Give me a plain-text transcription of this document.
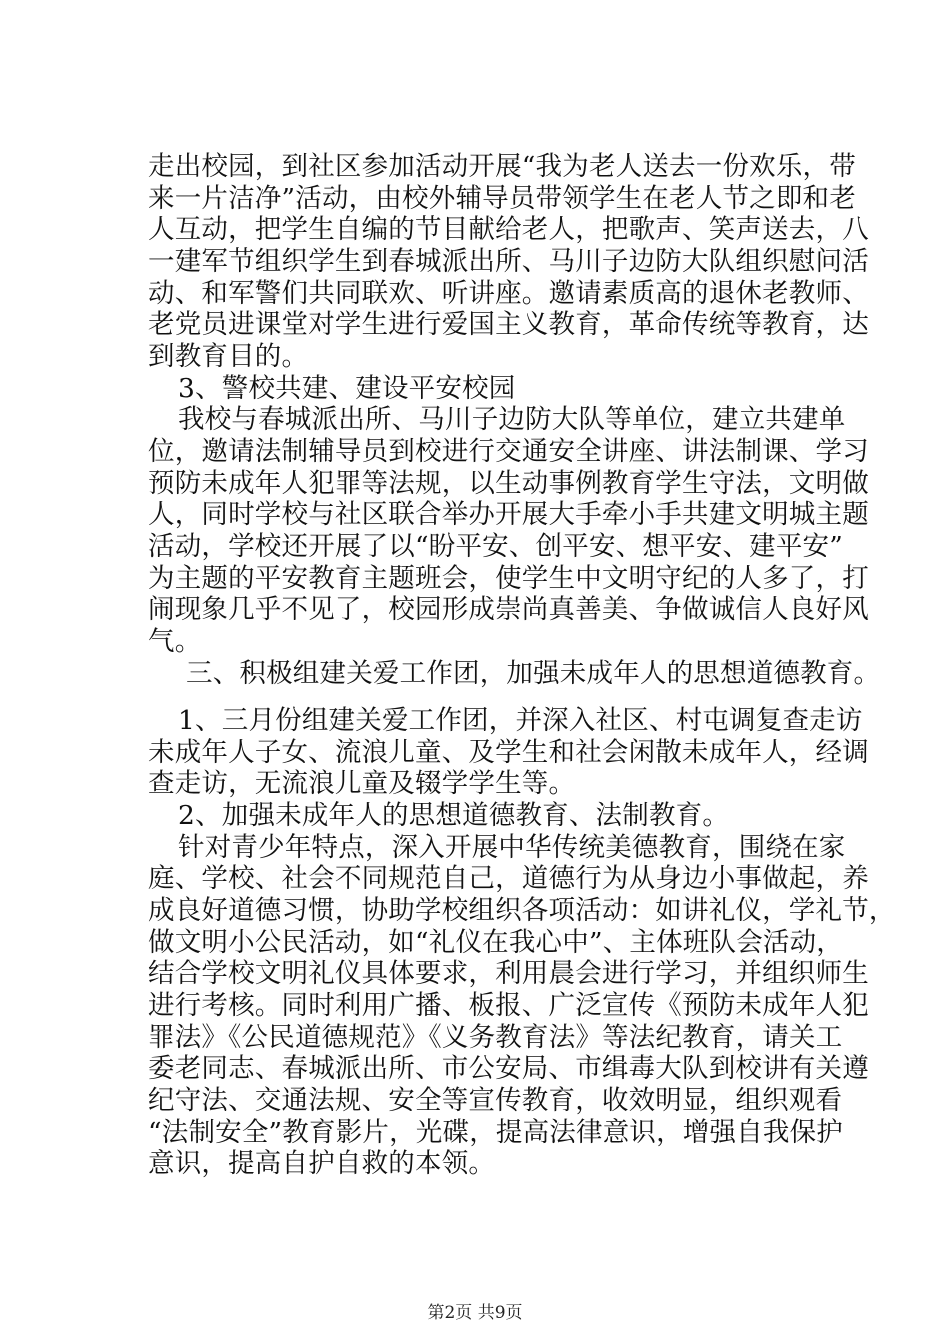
走出校园，到社区参加活动开展“我为老人送去一份欢乐，带
来一片洁净”活动，由校外辅导员带领学生在老人节之即和老
人互动，把学生自编的节目献给老人，把歌声、笑声送去，八
一建军节组织学生到春城派出所、马川子边防大队组织慰问活
动、和军警们共同联欢、听讲座。邀请素质高的退休老教师、
老党员进课堂对学生进行爱国主义教育，革命传统等教育，达
到教育目的。
3、警校共建、建设平安校园
我校与春城派出所、马川子边防大队等单位，建立共建单
位，邀请法制辅导员到校进行交通安全讲座、讲法制课、学习
预防未成年人犯罪等法规，以生动事例教育学生守法，文明做
人，同时学校与社区联合举办开展大手牵小手共建文明城主题
活动，学校还开展了以“盼平安、创平安、想平安、建平安”
为主题的平安教育主题班会，使学生中文明守纪的人多了，打
闹现象几乎不见了，校园形成崇尚真善美、争做诚信人良好风
气。
三、积极组建关爱工作团，加强未成年人的思想道德教育。
1、三月份组建关爱工作团，并深入社区、村屯调复查走访
未成年人子女、流浪儿童、及学生和社会闲散未成年人，经调
查走访，无流浪儿童及辍学学生等。
2、加强未成年人的思想道德教育、法制教育。
针对青少年特点，深入开展中华传统美德教育，围绕在家
庭、学校、社会不同规范自己，道德行为从身边小事做起，养
成良好道德习惯，协助学校组织各项活动：如讲礼仪，学礼节，
做文明小公民活动，如“礼仪在我心中”、主体班队会活动，
结合学校文明礼仪具体要求，利用晨会进行学习，并组织师生
进行考核。同时利用广播、板报、广泛宣传《预防未成年人犯
罪法》《公民道德规范》《义务教育法》等法纪教育，请关工
委老同志、春城派出所、市公安局、市缉毒大队到校讲有关遵
纪守法、交通法规、安全等宣传教育，收效明显，组织观看
“法制安全”教育影片，光碟，提高法律意识，增强自我保护
意识，提高自护自救的本领。
第2页 共9页
